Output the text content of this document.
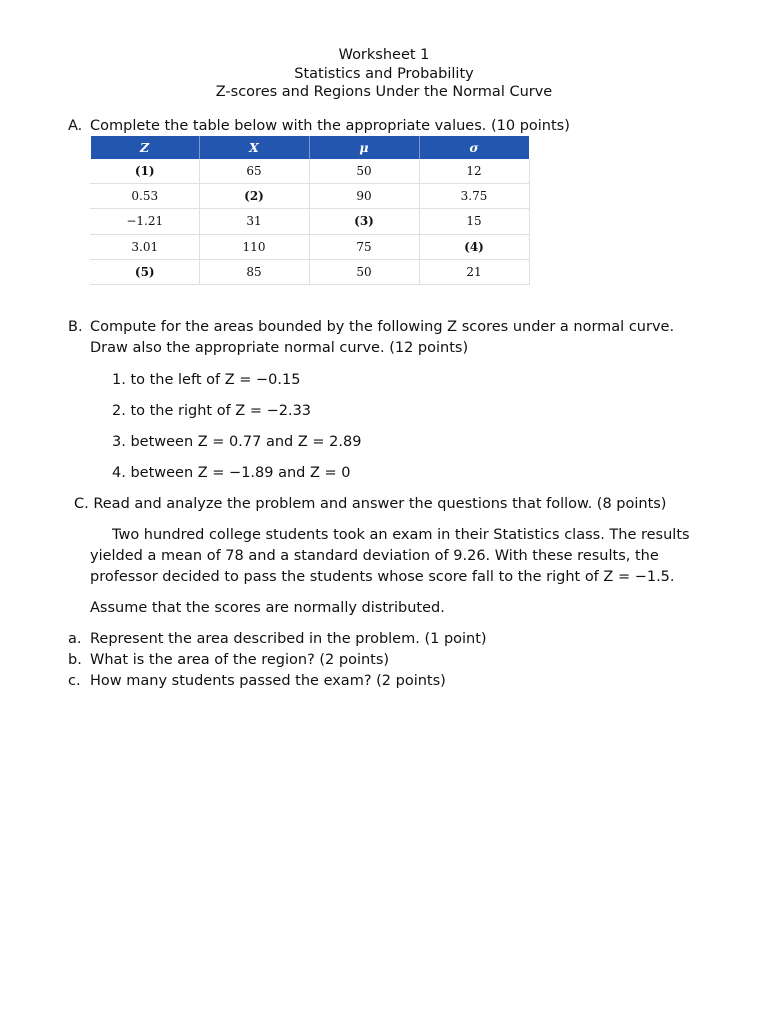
Worksheet 1
Statistics and Probability
Z-scores and Regions Under the Normal Curve
A. Complete the table below with the appropriate values. (10 points)
Z	X	μ	σ
(1)	65	50	12
0.53	(2)	90	3.75
−1.21	31	(3)	15
3.01	110	75	(4)
(5)	85	50	21
B. Compute for the areas bounded by the following Z scores under a normal curve.
Draw also the appropriate normal curve. (12 points)
1. to the left of Z = −0.15
2. to the right of Z = −2.33
3. between Z = 0.77 and Z = 2.89
4. between Z = −1.89 and Z = 0
C. Read and analyze the problem and answer the questions that follow. (8 points)
Two hundred college students took an exam in their Statistics class. The results
yielded a mean of 78 and a standard deviation of 9.26. With these results, the
professor decided to pass the students whose score fall to the right of Z = −1.5.
Assume that the scores are normally distributed.
a. Represent the area described in the problem. (1 point)
b. What is the area of the region? (2 points)
c. How many students passed the exam? (2 points)
